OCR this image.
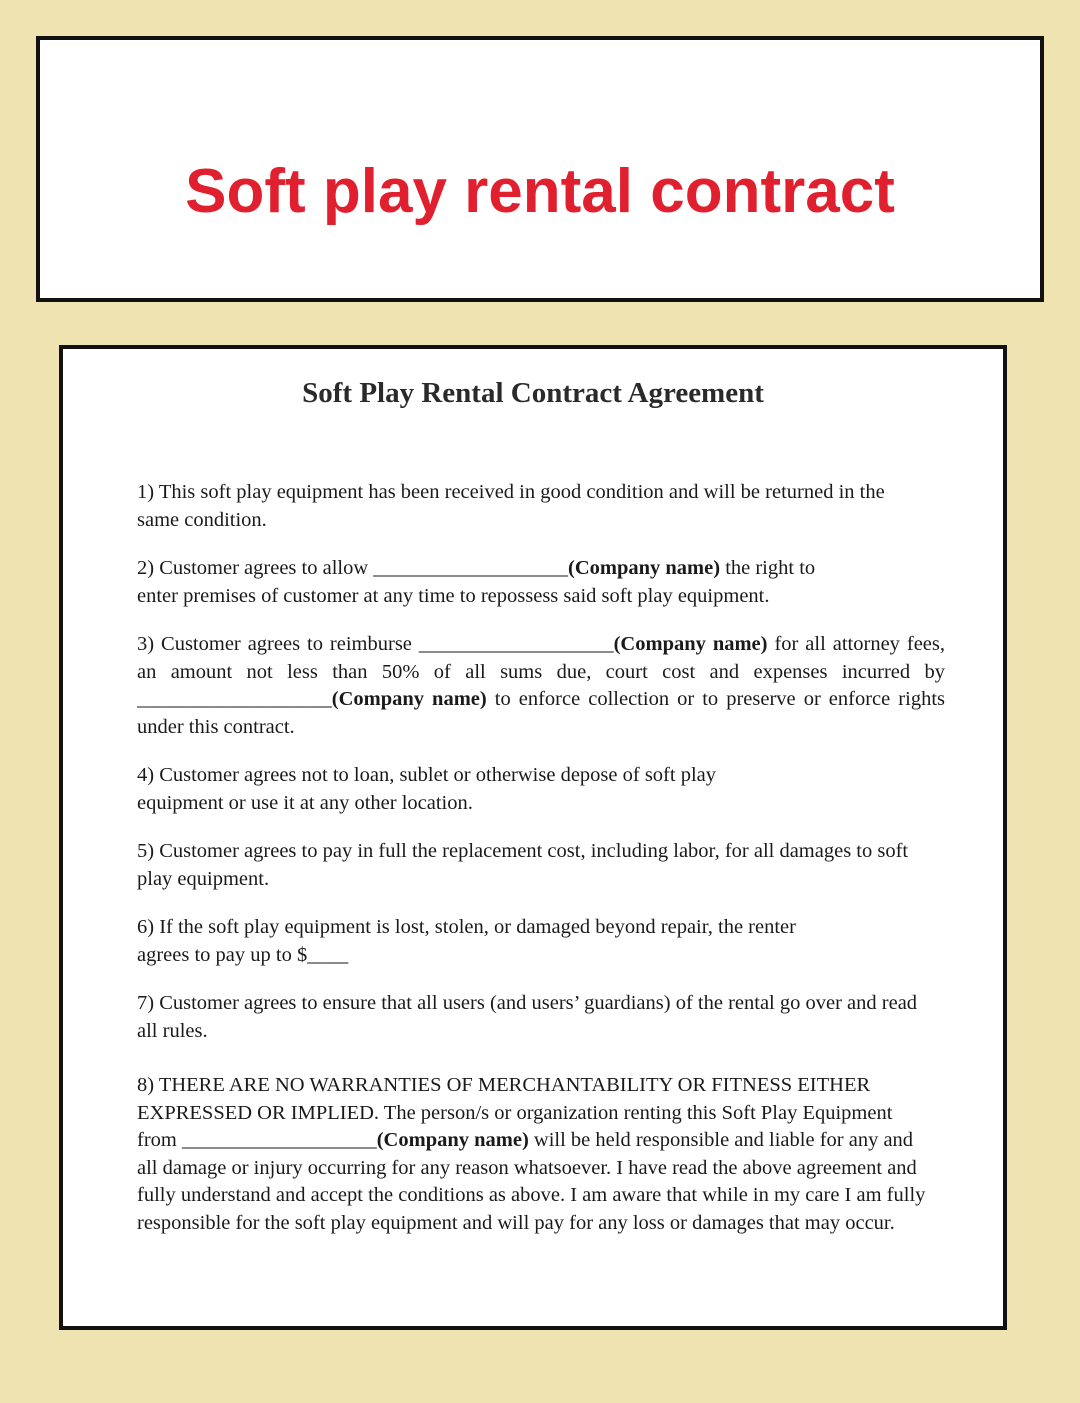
Soft play rental contract
Soft Play Rental Contract Agreement

1) This soft play equipment has been received in good condition and will be returned in the same condition.

2) Customer agrees to allow ___________________(Company name) the right to enter premises of customer at any time to repossess said soft play equipment.

3) Customer agrees to reimburse ___________________(Company name) for all attorney fees, an amount not less than 50% of all sums due, court cost and expenses incurred by ___________________(Company name) to enforce collection or to preserve or enforce rights under this contract.

4) Customer agrees not to loan, sublet or otherwise depose of soft play equipment or use it at any other location.

5) Customer agrees to pay in full the replacement cost, including labor, for all damages to soft play equipment.

6) If the soft play equipment is lost, stolen, or damaged beyond repair, the renter agrees to pay up to $____

7) Customer agrees to ensure that all users (and users’ guardians) of the rental go over and read all rules.

8) THERE ARE NO WARRANTIES OF MERCHANTABILITY OR FITNESS EITHER EXPRESSED OR IMPLIED. The person/s or organization renting this Soft Play Equipment from ___________________(Company name) will be held responsible and liable for any and all damage or injury occurring for any reason whatsoever. I have read the above agreement and fully understand and accept the conditions as above. I am aware that while in my care I am fully responsible for the soft play equipment and will pay for any loss or damages that may occur.
